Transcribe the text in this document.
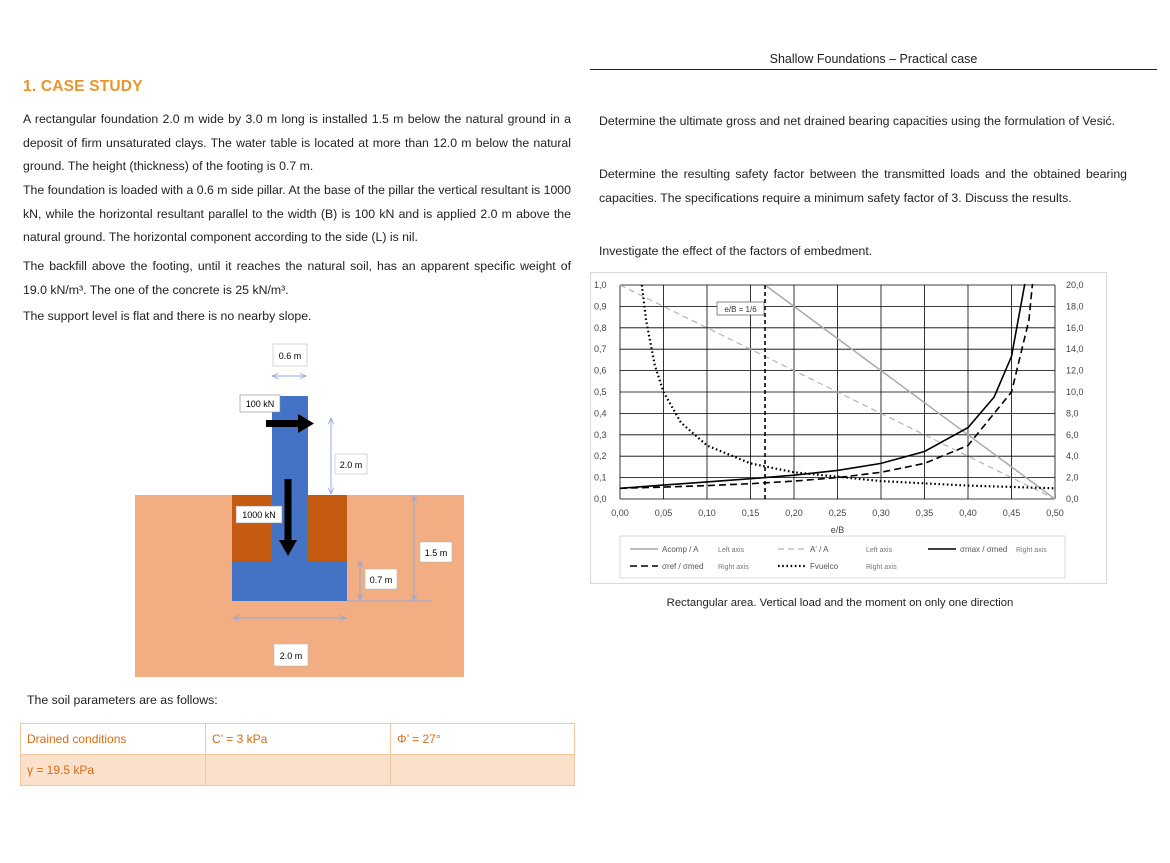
Shallow Foundations – Practical case
1. CASE STUDY
A rectangular foundation 2.0 m wide by 3.0 m long is installed 1.5 m below the natural ground in a deposit of firm unsaturated clays. The water table is located at more than 12.0 m below the natural ground. The height (thickness) of the footing is 0.7 m.
The foundation is loaded with a 0.6 m side pillar. At the base of the pillar the vertical resultant is 1000 kN, while the horizontal resultant parallel to the width (B) is 100 kN and is applied 2.0 m above the natural ground. The horizontal component according to the side (L) is nil.
The backfill above the footing, until it reaches the natural soil, has an apparent specific weight of 19.0 kN/m³. The one of the concrete is 25 kN/m³.
The support level is flat and there is no nearby slope.
Determine the ultimate gross and net drained bearing capacities using the formulation of Vesić.
Determine the resulting safety factor between the transmitted loads and the obtained bearing capacities. The specifications require a minimum safety factor of 3. Discuss the results.
Investigate the effect of the factors of embedment.
0.6 m
100 kN
2.0 m
1000 kN
1.5 m
0.7 m
2.0 m
The soil parameters are as follows:
Drained conditions	C’ = 3 kPa	Φ’ = 27°
γ = 19.5 kPa		
0,00	0,05	0,10	0,15	0,20	0,25	0,30	0,35	0,40	0,45	0,50
0,0
0,1
0,2
0,3
0,4
0,5
0,6
0,7
0,8
0,9
1,0
0,0
2,0
4,0
6,0
8,0
10,0
12,0
14,0
16,0
18,0
20,0
e/B
e/B = 1/6
Acomp / A	Left axis	A' / A	Left axis	σmax / σmed Right axis
σref / σmed Right axis	Fvuelco	Right axis
Rectangular area. Vertical load and the moment on only one direction
